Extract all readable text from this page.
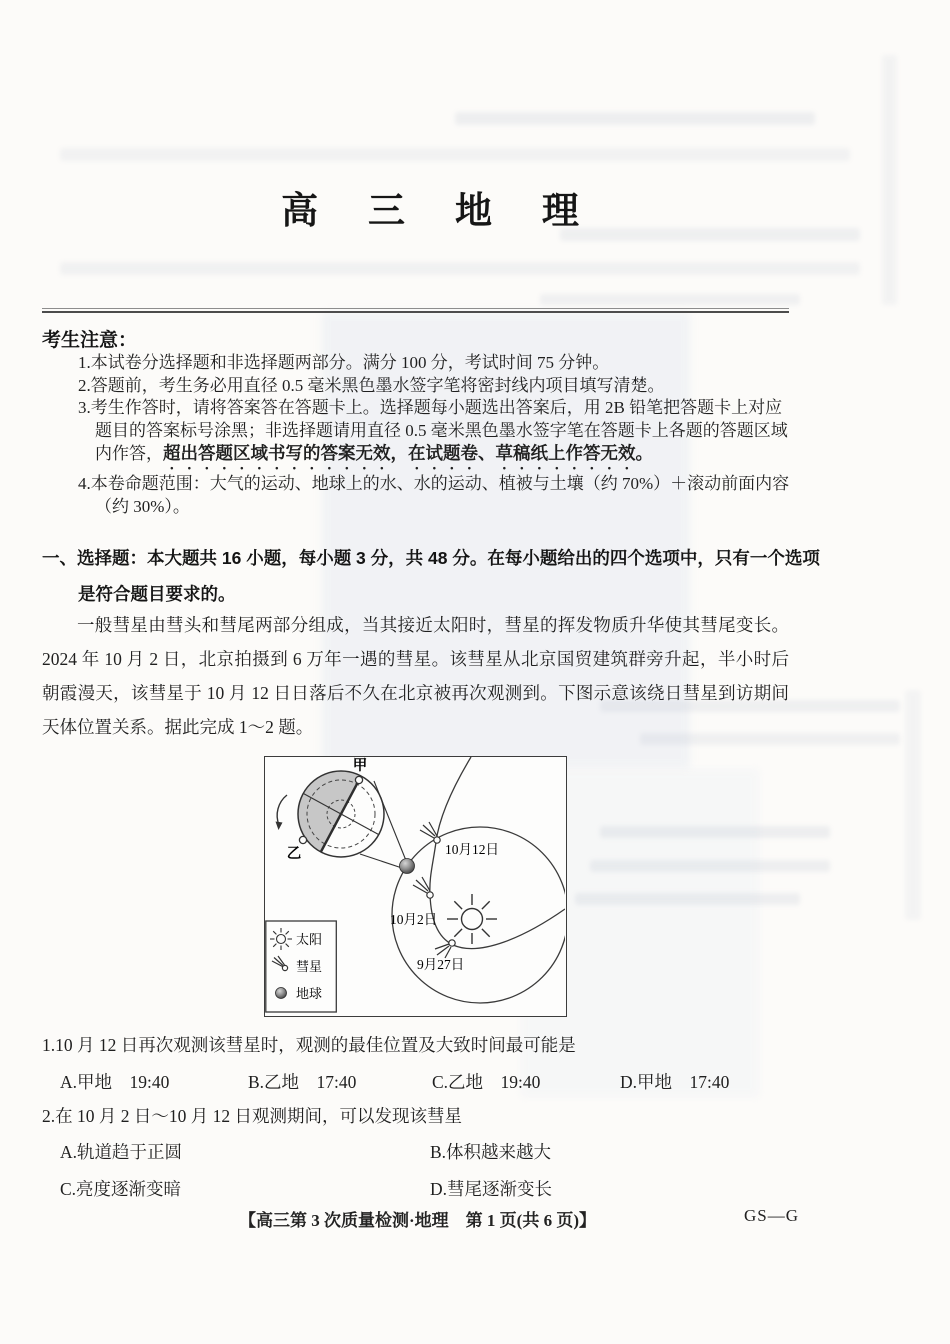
高 三 地 理
考生注意：
1.本试卷分选择题和非选择题两部分。满分 100 分，考试时间 75 分钟。
2.答题前，考生务必用直径 0.5 毫米黑色墨水签字笔将密封线内项目填写清楚。
3.考生作答时，请将答案答在答题卡上。选择题每小题选出答案后，用 2B 铅笔把答题卡上对应题目的答案标号涂黑；非选择题请用直径 0.5 毫米黑色墨水签字笔在答题卡上各题的答题区域内作答，超出答题区域书写的答案无效，在试题卷、草稿纸上作答无效。
4.本卷命题范围：大气的运动、地球上的水、水的运动、植被与土壤（约 70%）＋滚动前面内容（约 30%）。
一、选择题：本大题共 16 小题，每小题 3 分，共 48 分。在每小题给出的四个选项中，只有一个选项是符合题目要求的。
一般彗星由彗头和彗尾两部分组成，当其接近太阳时，彗星的挥发物质升华使其彗尾变长。2024 年 10 月 2 日，北京拍摄到 6 万年一遇的彗星。该彗星从北京国贸建筑群旁升起，半小时后朝霞漫天，该彗星于 10 月 12 日日落后不久在北京被再次观测到。下图示意该绕日彗星到访期间天体位置关系。据此完成 1～2 题。
10月12日
10月2日
9月27日
甲
乙
太阳
彗星
地球
1.10 月 12 日再次观测该彗星时，观测的最佳位置及大致时间最可能是
A.甲地　19:40	B.乙地　17:40	C.乙地　19:40	D.甲地　17:40
2.在 10 月 2 日～10 月 12 日观测期间，可以发现该彗星
A.轨道趋于正圆	B.体积越来越大
C.亮度逐渐变暗	D.彗尾逐渐变长
【高三第 3 次质量检测·地理　第 1 页(共 6 页)】	GS—G
